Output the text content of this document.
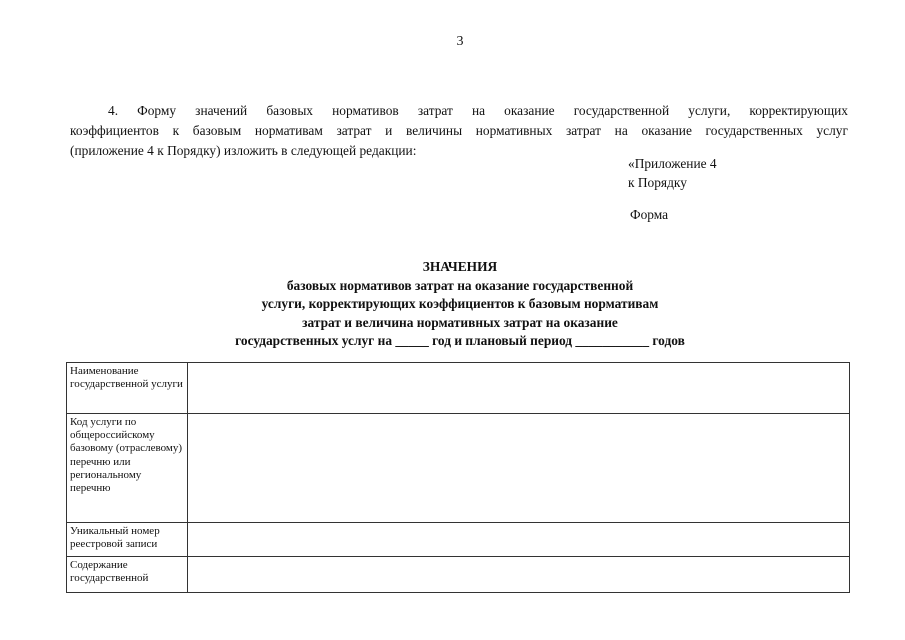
3
4. Форму значений базовых нормативов затрат на оказание государственной услуги, корректирующих
коэффициентов к базовым нормативам затрат и величины нормативных затрат на оказание государственных услуг
(приложение 4 к Порядку) изложить в следующей редакции:
«Приложение 4
к Порядку
Форма
ЗНАЧЕНИЯ
базовых нормативов затрат на оказание государственной
услуги, корректирующих коэффициентов к базовым нормативам
затрат и величина нормативных затрат на оказание
государственных услуг на _____ год и плановый период ___________ годов
Наименование государственной услуги	
Код услуги по общероссийскому базовому (отраслевому) перечню или региональному перечню	
Уникальный номер реестровой записи	
Содержание государственной	
